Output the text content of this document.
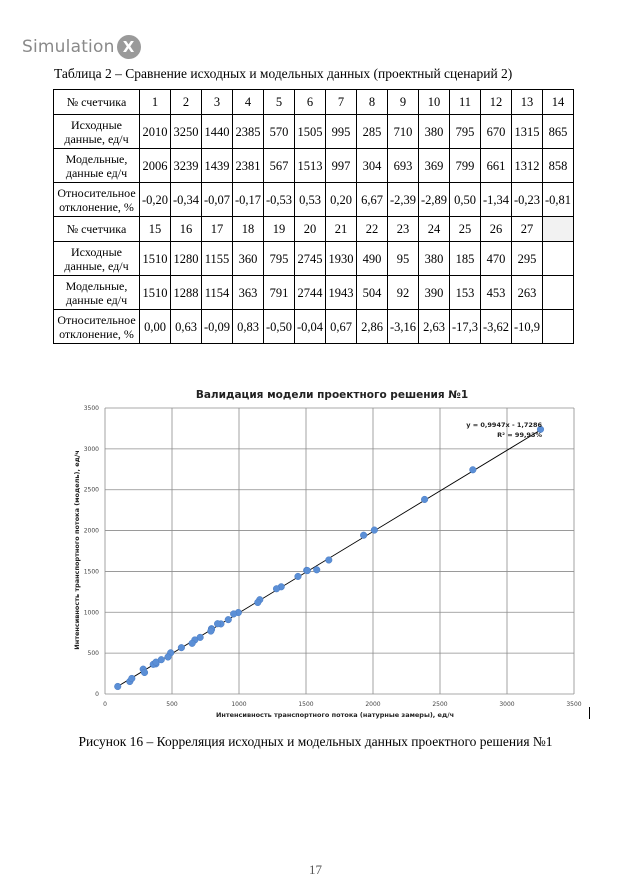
Simulation X
Таблица 2 – Сравнение исходных и модельных данных (проектный сценарий 2)
№ счетчика	1	2	3	4	5	6	7	8	9	10	11	12	13	14
Исходные данные, ед/ч	2010	3250	1440	2385	570	1505	995	285	710	380	795	670	1315	865
Модельные, данные ед/ч	2006	3239	1439	2381	567	1513	997	304	693	369	799	661	1312	858
Относительное отклонение, %	-0,20	-0,34	-0,07	-0,17	-0,53	0,53	0,20	6,67	-2,39	-2,89	0,50	-1,34	-0,23	-0,81
№ счетчика	15	16	17	18	19	20	21	22	23	24	25	26	27	
Исходные данные, ед/ч	1510	1280	1155	360	795	2745	1930	490	95	380	185	470	295	
Модельные, данные ед/ч	1510	1288	1154	363	791	2744	1943	504	92	390	153	453	263	
Относительное отклонение, %	0,00	0,63	-0,09	0,83	-0,50	-0,04	0,67	2,86	-3,16	2,63	-17,3	-3,62	-10,9	
Валидация модели проектного решения №1
0	500	1000	1500	2000	2500	3000	3500
0
500
1000
1500
2000
2500
3000
3500
y = 0,9947x - 1,7286
R² = 99,93%
Интенсивность транспортного потока (натурные замеры), ед/ч
Интенсивность транспортного потока (модель), ед/ч
Рисунок 16 – Корреляция исходных и модельных данных проектного решения №1
17
